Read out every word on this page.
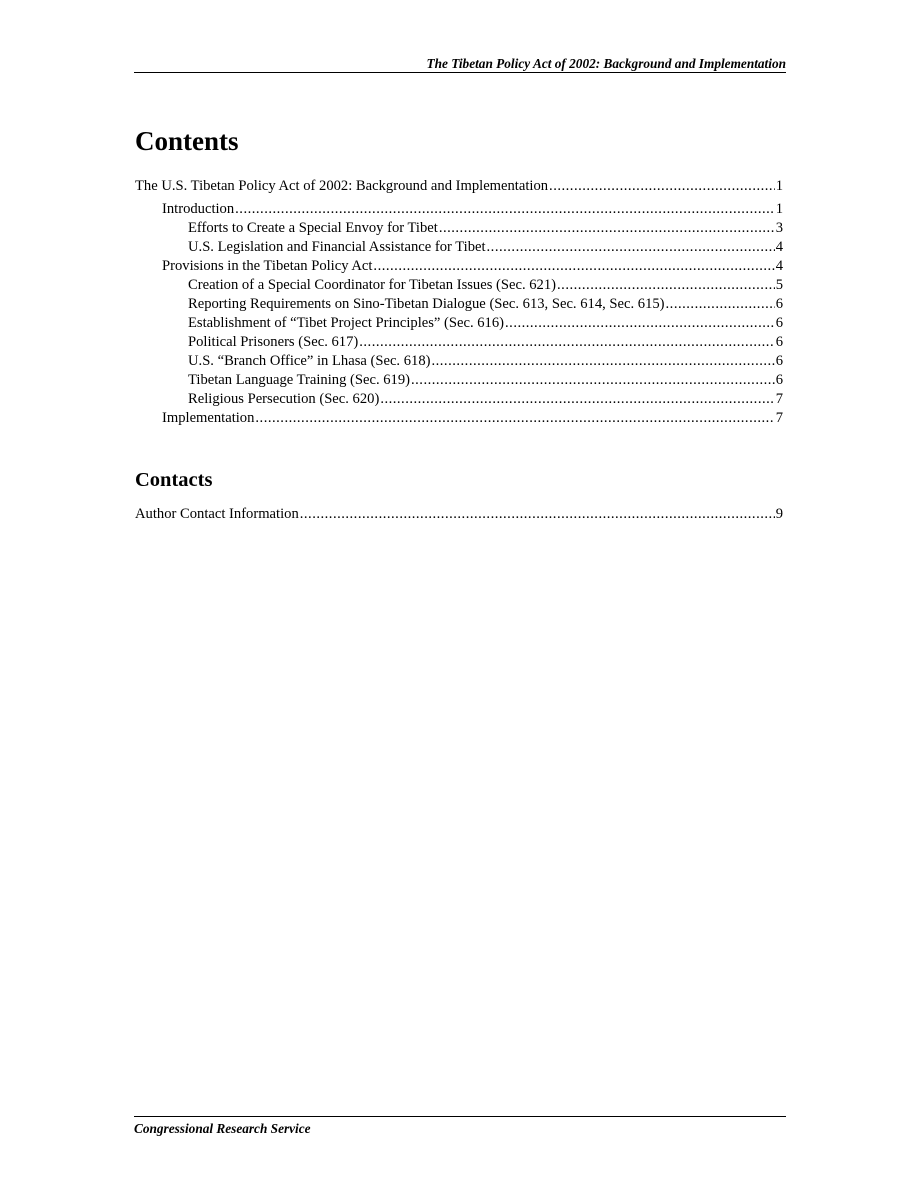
The Tibetan Policy Act of 2002: Background and Implementation
Contents
The U.S. Tibetan Policy Act of 2002: Background and Implementation .....	1
Introduction .....	1
Efforts to Create a Special Envoy for Tibet .....	3
U.S. Legislation and Financial Assistance for Tibet .....	4
Provisions in the Tibetan Policy Act .....	4
Creation of a Special Coordinator for Tibetan Issues (Sec. 621) .....	5
Reporting Requirements on Sino-Tibetan Dialogue (Sec. 613, Sec. 614, Sec. 615) .....	6
Establishment of “Tibet Project Principles” (Sec. 616) .....	6
Political Prisoners (Sec. 617) .....	6
U.S. “Branch Office” in Lhasa (Sec. 618) .....	6
Tibetan Language Training (Sec. 619) .....	6
Religious Persecution (Sec. 620) .....	7
Implementation .....	7
Contacts
Author Contact Information .....	9
Congressional Research Service
